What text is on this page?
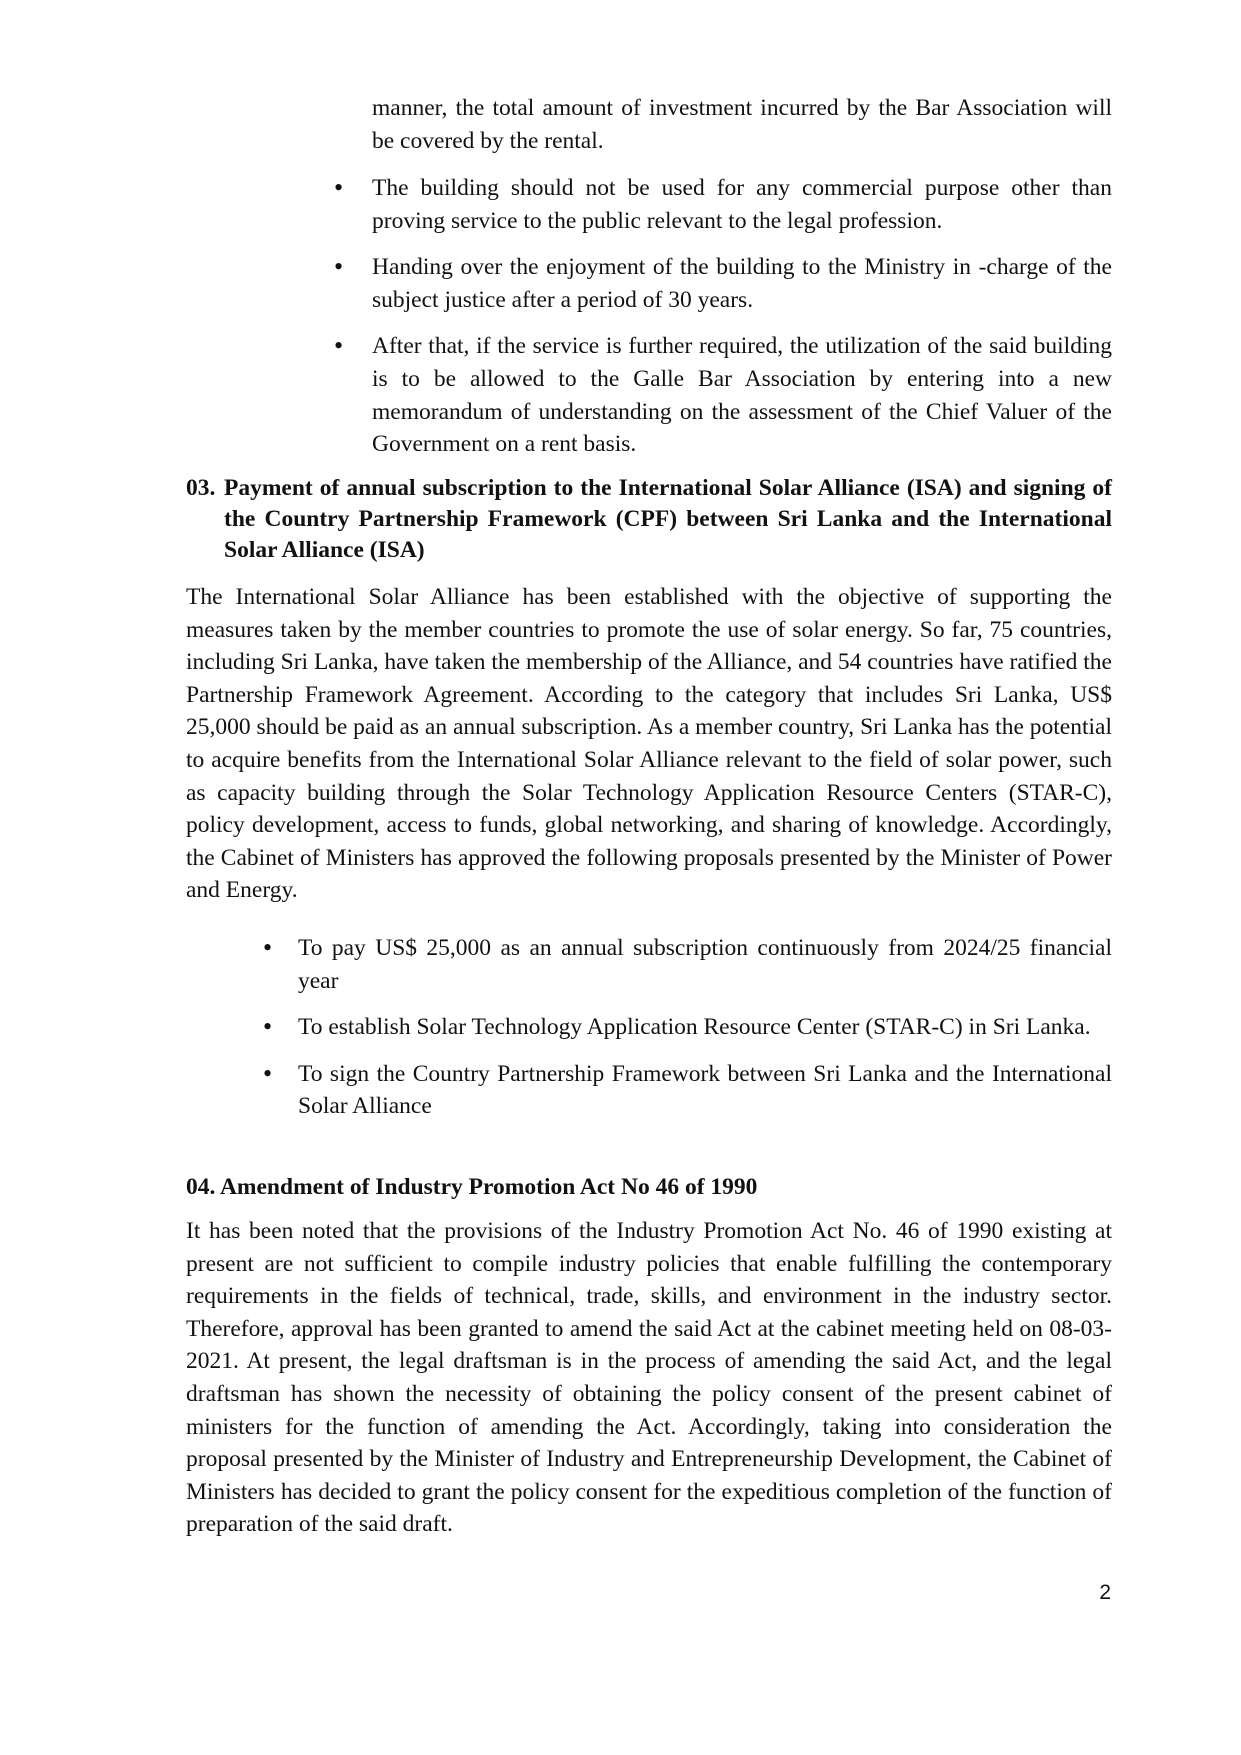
manner, the total amount of investment incurred by the Bar Association will be covered by the rental.
• The building should not be used for any commercial purpose other than proving service to the public relevant to the legal profession.
• Handing over the enjoyment of the building to the Ministry in -charge of the subject justice after a period of 30 years.
• After that, if the service is further required, the utilization of the said building is to be allowed to the Galle Bar Association by entering into a new memorandum of understanding on the assessment of the Chief Valuer of the Government on a rent basis.
03. Payment of annual subscription to the International Solar Alliance (ISA) and signing of the Country Partnership Framework (CPF) between Sri Lanka and the International Solar Alliance (ISA)
The International Solar Alliance has been established with the objective of supporting the measures taken by the member countries to promote the use of solar energy. So far, 75 countries, including Sri Lanka, have taken the membership of the Alliance, and 54 countries have ratified the Partnership Framework Agreement. According to the category that includes Sri Lanka, US$ 25,000 should be paid as an annual subscription. As a member country, Sri Lanka has the potential to acquire benefits from the International Solar Alliance relevant to the field of solar power, such as capacity building through the Solar Technology Application Resource Centers (STAR-C), policy development, access to funds, global networking, and sharing of knowledge. Accordingly, the Cabinet of Ministers has approved the following proposals presented by the Minister of Power and Energy.
• To pay US$ 25,000 as an annual subscription continuously from 2024/25 financial year
• To establish Solar Technology Application Resource Center (STAR-C) in Sri Lanka.
• To sign the Country Partnership Framework between Sri Lanka and the International Solar Alliance
04. Amendment of Industry Promotion Act No 46 of 1990
It has been noted that the provisions of the Industry Promotion Act No. 46 of 1990 existing at present are not sufficient to compile industry policies that enable fulfilling the contemporary requirements in the fields of technical, trade, skills, and environment in the industry sector. Therefore, approval has been granted to amend the said Act at the cabinet meeting held on 08-03-2021. At present, the legal draftsman is in the process of amending the said Act, and the legal draftsman has shown the necessity of obtaining the policy consent of the present cabinet of ministers for the function of amending the Act. Accordingly, taking into consideration the proposal presented by the Minister of Industry and Entrepreneurship Development, the Cabinet of Ministers has decided to grant the policy consent for the expeditious completion of the function of preparation of the said draft.
2
